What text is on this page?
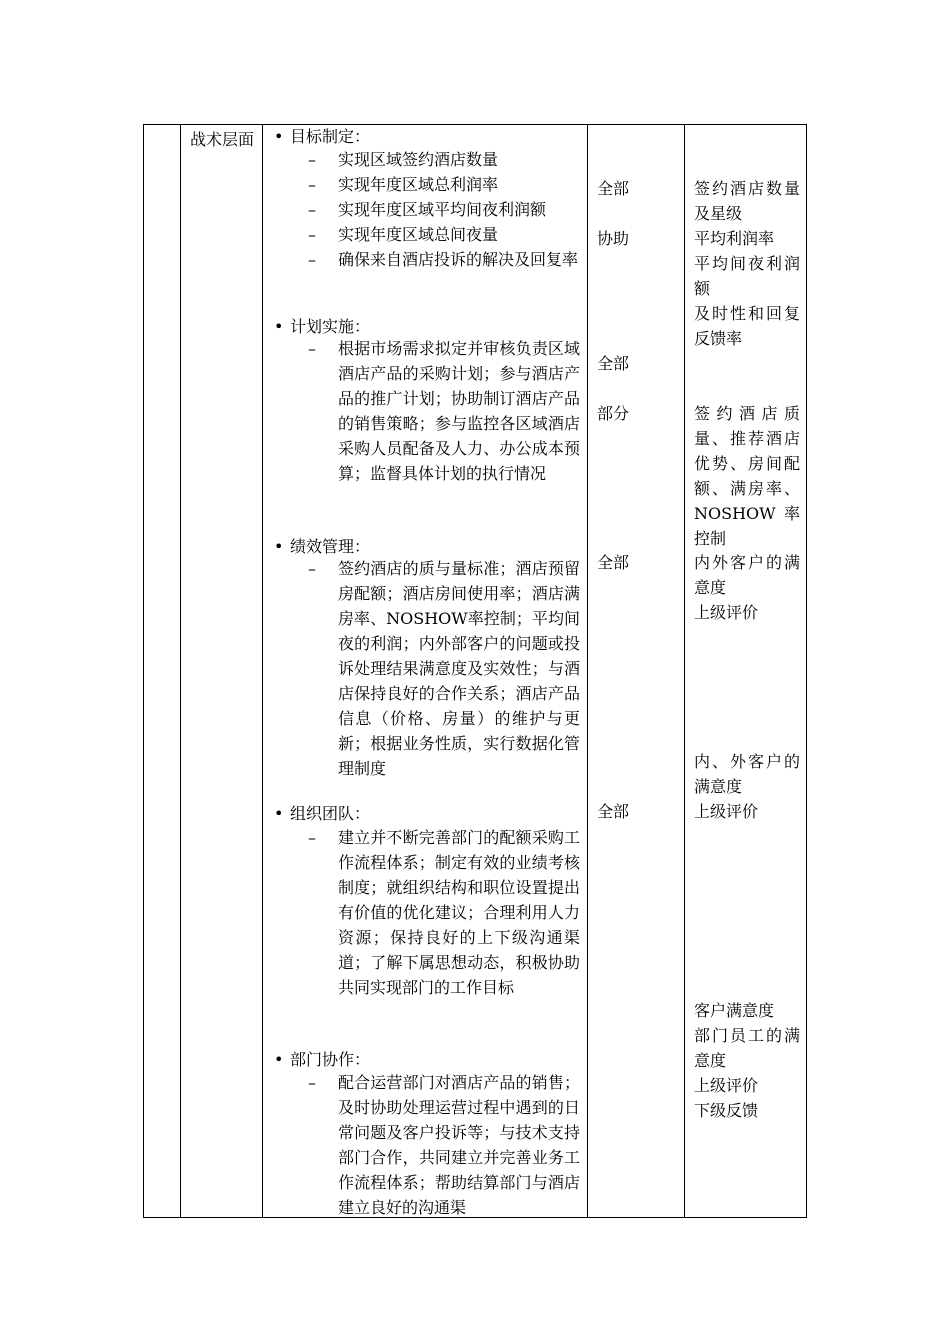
战术层面 • 目标制定：
– 实现区域签约酒店数量
– 实现年度区域总利润率
– 实现年度区域平均间夜利润额
– 实现年度区域总间夜量
– 确保来自酒店投诉的解决及回复率
• 计划实施：
– 根据市场需求拟定并审核负责区域酒店产品的采购计划；参与酒店产品的推广计划；协助制订酒店产品的销售策略；参与监控各区域酒店采购人员配备及人力、办公成本预算；监督具体计划的执行情况
• 绩效管理：
– 签约酒店的质与量标准；酒店预留房配额；酒店房间使用率；酒店满房率、NOSHOW率控制；平均间夜的利润；内外部客户的问题或投诉处理结果满意度及实效性；与酒店保持良好的合作关系；酒店产品信息（价格、房量）的维护与更新；根据业务性质，实行数据化管理制度
• 组织团队：
– 建立并不断完善部门的配额采购工作流程体系；制定有效的业绩考核制度；就组织结构和职位设置提出有价值的优化建议；合理利用人力资源；保持良好的上下级沟通渠道；了解下属思想动态，积极协助共同实现部门的工作目标
• 部门协作：
– 配合运营部门对酒店产品的销售；及时协助处理运营过程中遇到的日常问题及客户投诉等；与技术支持部门合作，共同建立并完善业务工作流程体系；帮助结算部门与酒店建立良好的沟通渠
全部
协助
全部
部分
全部
全部
签约酒店数量及星级
平均利润率
平均间夜利润额
及时性和回复反馈率
签约酒店质量、推荐酒店优势、房间配额、满房率、NOSHOW率控制
内外客户的满意度
上级评价
内、外客户的满意度
上级评价
客户满意度
部门员工的满意度
上级评价
下级反馈
